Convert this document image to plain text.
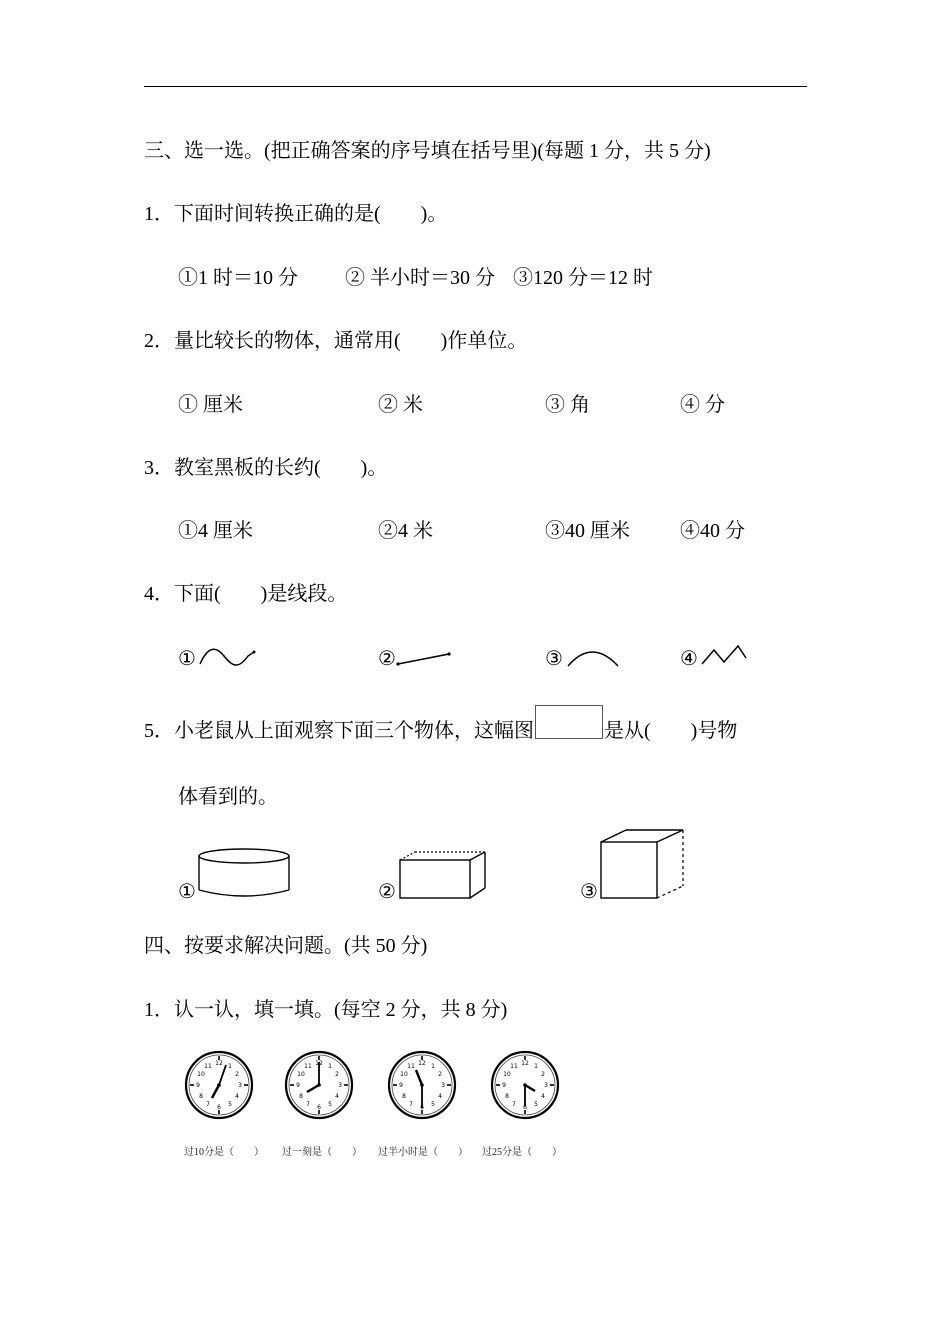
三、选一选。(把正确答案的序号填在括号里)(每题 1 分，共 5 分)
1．下面时间转换正确的是(　　)。
①1 时＝10 分 ② 半小时＝30 分 ③120 分＝12 时
2．量比较长的物体，通常用(　　)作单位。
① 厘米	② 米	③ 角	④ 分
3．教室黑板的长约(　　)。
①4 厘米	②4 米	③40 厘米	④40 分
4．下面(　　)是线段。
①	②	③	④
5．小老鼠从上面观察下面三个物体，这幅图	是从(　　)号物
体看到的。
①	②	③
四、按要求解决问题。(共 50 分)
1．认一认，填一填。(每空 2 分，共 8 分)
过10分是（　　） 过一刻是（　　） 过半小时是（　　） 过25分是（　　）
